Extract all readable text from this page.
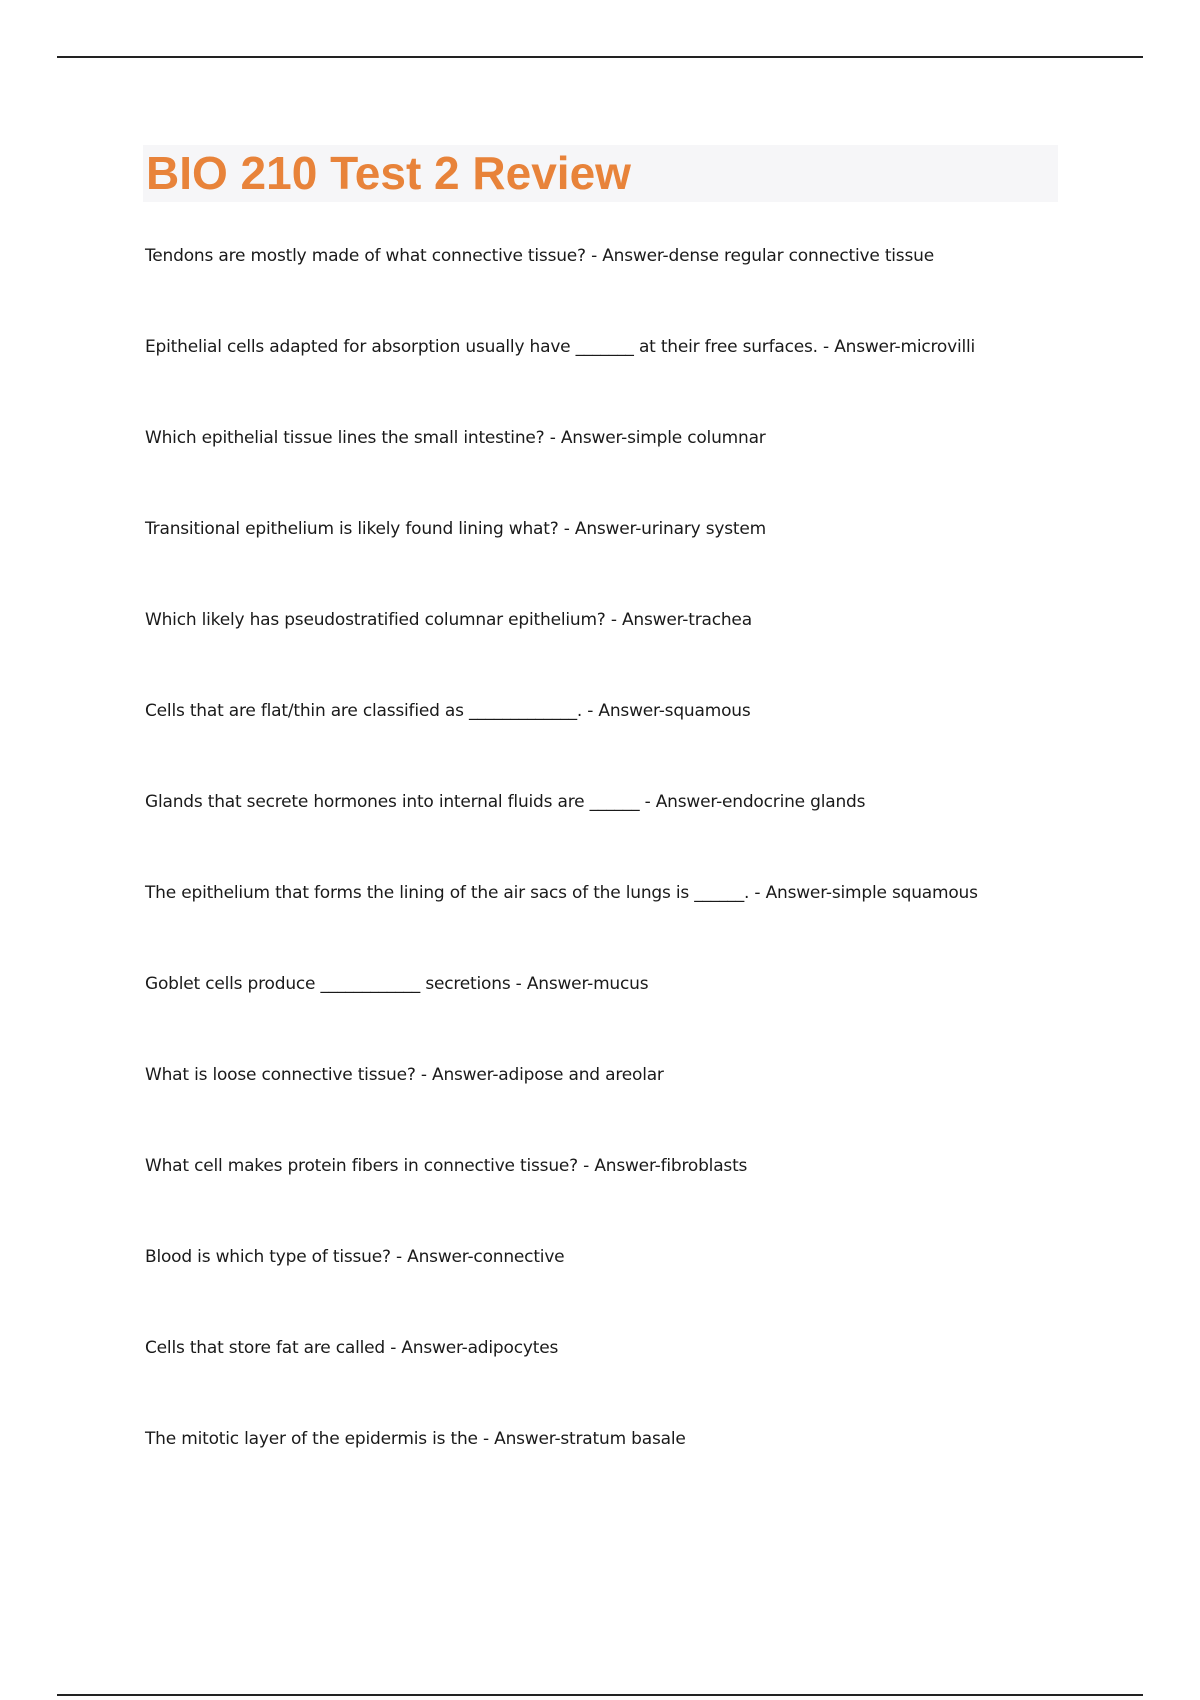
BIO 210 Test 2 Review
Tendons are mostly made of what connective tissue? - Answer-dense regular connective tissue
Epithelial cells adapted for absorption usually have _______ at their free surfaces. - Answer-microvilli
Which epithelial tissue lines the small intestine? - Answer-simple columnar
Transitional epithelium is likely found lining what? - Answer-urinary system
Which likely has pseudostratified columnar epithelium? - Answer-trachea
Cells that are flat/thin are classified as _____________. - Answer-squamous
Glands that secrete hormones into internal fluids are ______ - Answer-endocrine glands
The epithelium that forms the lining of the air sacs of the lungs is ______. - Answer-simple squamous
Goblet cells produce ____________ secretions - Answer-mucus
What is loose connective tissue? - Answer-adipose and areolar
What cell makes protein fibers in connective tissue? - Answer-fibroblasts
Blood is which type of tissue? - Answer-connective
Cells that store fat are called - Answer-adipocytes
The mitotic layer of the epidermis is the - Answer-stratum basale
